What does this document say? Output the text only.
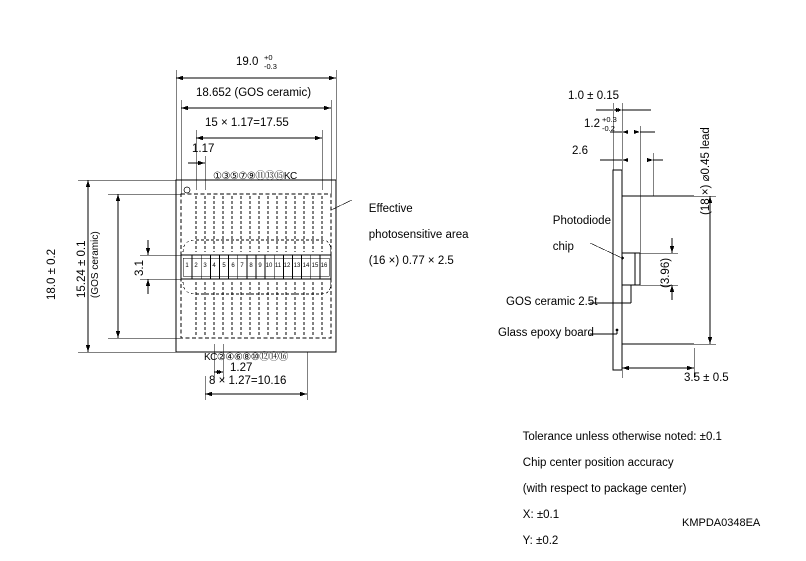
19.0 +0
-0.3
18.652 (GOS ceramic)
15 × 1.17=17.55
1.17
①③⑤⑦⑨⑪⑬⑮KC
KC②④⑥⑧⑩⑫⑭⑯
18.0 ± 0.2 15.24 ± 0.1 (GOS ceramic)	3.1
1.27
8 × 1.27=10.16

Effective

photosensitive area

(16 ×) 0.77 × 2.5

1 2 3 4	5 6 7 8 9 10 11 12 13 14 15 16
1.0 ± 0.15
1.2 +0.3
-0.2
2.6	(18 ×) ⌀0.45 lead
(3.96)
3.5 ± 0.5

Photodiode

chip

GOS ceramic 2.5t
Glass epoxy board

Tolerance unless otherwise noted: ±0.1

Chip center position accuracy

(with respect to package center)

X: ±0.1

Y: ±0.2

KMPDA0348EA
